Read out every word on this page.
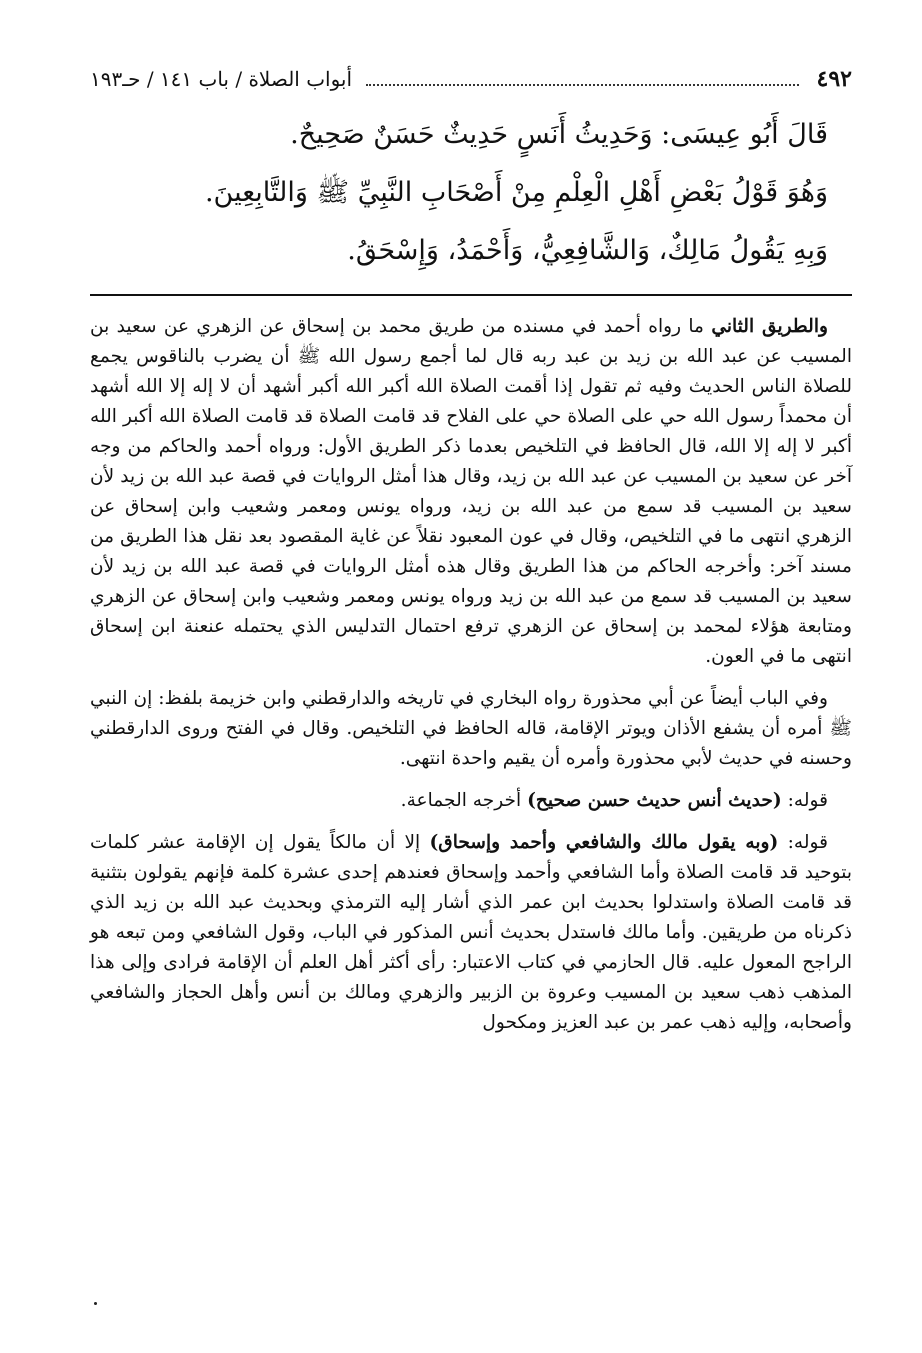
٤٩٢
أبواب الصلاة / باب ١٤١ / حـ١٩٣
قَالَ أَبُو عِيسَى: وَحَدِيثُ أَنَسٍ حَدِيثٌ حَسَنٌ صَحِيحٌ.
وَهُوَ قَوْلُ بَعْضِ أَهْلِ الْعِلْمِ مِنْ أَصْحَابِ النَّبِيِّ ﷺ وَالتَّابِعِينَ.
وَبِهِ يَقُولُ مَالِكٌ، وَالشَّافِعِيُّ، وَأَحْمَدُ، وَإِسْحَقُ.

والطريق الثاني ما رواه أحمد في مسنده من طريق محمد بن إسحاق عن الزهري عن سعيد بن المسيب عن عبد الله بن زيد بن عبد ربه قال لما أجمع رسول الله ﷺ أن يضرب بالناقوس يجمع للصلاة الناس الحديث وفيه ثم تقول إذا أقمت الصلاة الله أكبر الله أكبر أشهد أن لا إله إلا الله أشهد أن محمداً رسول الله حي على الصلاة حي على الفلاح قد قامت الصلاة قد قامت الصلاة الله أكبر الله أكبر لا إله إلا الله، قال الحافظ في التلخيص بعدما ذكر الطريق الأول: ورواه أحمد والحاكم من وجه آخر عن سعيد بن المسيب عن عبد الله بن زيد، وقال هذا أمثل الروايات في قصة عبد الله بن زيد لأن سعيد بن المسيب قد سمع من عبد الله بن زيد، ورواه يونس ومعمر وشعيب وابن إسحاق عن الزهري انتهى ما في التلخيص، وقال في عون المعبود نقلاً عن غاية المقصود بعد نقل هذا الطريق من مسند آخر: وأخرجه الحاكم من هذا الطريق وقال هذه أمثل الروايات في قصة عبد الله بن زيد لأن سعيد بن المسيب قد سمع من عبد الله بن زيد ورواه يونس ومعمر وشعيب وابن إسحاق عن الزهري ومتابعة هؤلاء لمحمد بن إسحاق عن الزهري ترفع احتمال التدليس الذي يحتمله عنعنة ابن إسحاق انتهى ما في العون.

وفي الباب أيضاً عن أبي محذورة رواه البخاري في تاريخه والدارقطني وابن خزيمة بلفظ: إن النبي ﷺ أمره أن يشفع الأذان ويوتر الإقامة، قاله الحافظ في التلخيص. وقال في الفتح وروى الدارقطني وحسنه في حديث لأبي محذورة وأمره أن يقيم واحدة انتهى.

قوله: (حديث أنس حديث حسن صحيح) أخرجه الجماعة.

قوله: (وبه يقول مالك والشافعي وأحمد وإسحاق) إلا أن مالكاً يقول إن الإقامة عشر كلمات بتوحيد قد قامت الصلاة وأما الشافعي وأحمد وإسحاق فعندهم إحدى عشرة كلمة فإنهم يقولون بتثنية قد قامت الصلاة واستدلوا بحديث ابن عمر الذي أشار إليه الترمذي وبحديث عبد الله بن زيد الذي ذكرناه من طريقين. وأما مالك فاستدل بحديث أنس المذكور في الباب، وقول الشافعي ومن تبعه هو الراجح المعول عليه. قال الحازمي في كتاب الاعتبار: رأى أكثر أهل العلم أن الإقامة فرادى وإلى هذا المذهب ذهب سعيد بن المسيب وعروة بن الزبير والزهري ومالك بن أنس وأهل الحجاز والشافعي وأصحابه، وإليه ذهب عمر بن عبد العزيز ومكحول
